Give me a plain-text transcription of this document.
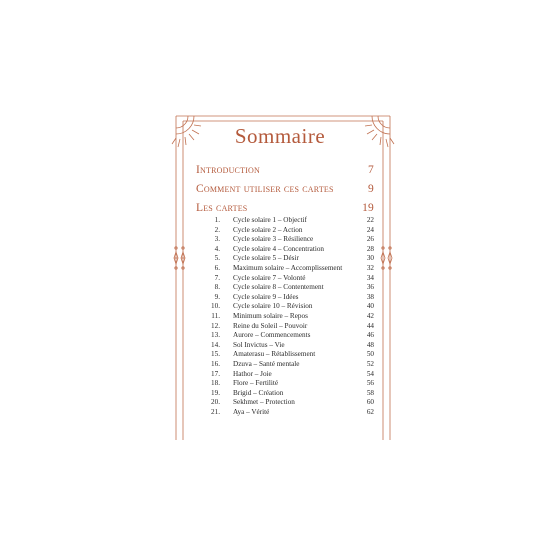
Sommaire
Introduction	7
Comment utiliser ces cartes	9
Les cartes	19
1. Cycle solaire 1 – Objectif	22
2. Cycle solaire 2 – Action	24
3. Cycle solaire 3 – Résilience	26
4. Cycle solaire 4 – Concentration	28
5. Cycle solaire 5 – Désir	30
6. Maximum solaire – Accomplissement	32
7. Cycle solaire 7 – Volonté	34
8. Cycle solaire 8 – Contentement	36
9. Cycle solaire 9 – Idées	38
10. Cycle solaire 10 – Révision	40
11. Minimum solaire – Repos	42
12. Reine du Soleil – Pouvoir	44
13. Aurore – Commencements	46
14. Sol Invictus – Vie	48
15. Amaterasu – Rétablissement	50
16. Dzuva – Santé mentale	52
17. Hathor – Joie	54
18. Flore – Fertilité	56
19. Brigid – Création	58
20. Sekhmet – Protection	60
21. Aya – Vérité	62
